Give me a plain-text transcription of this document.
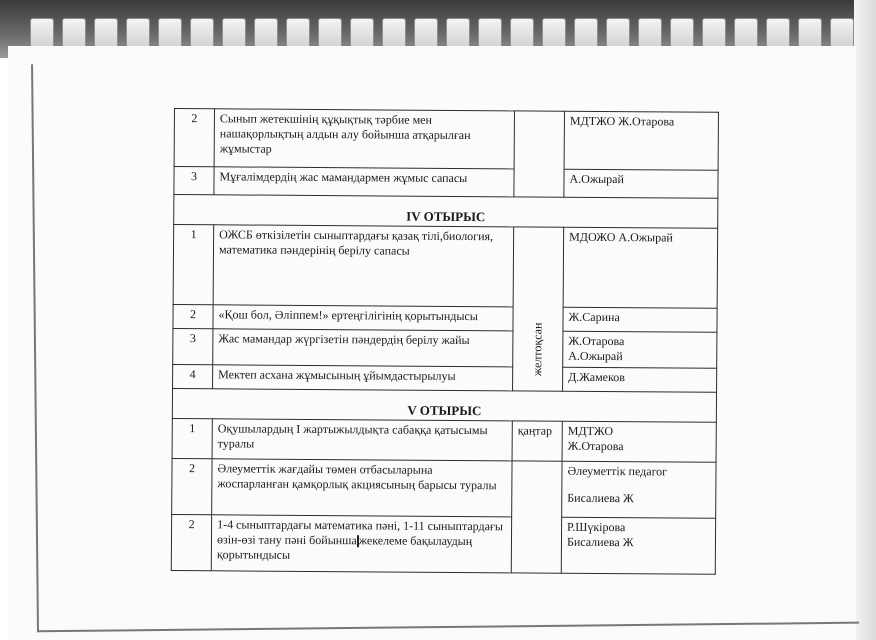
2	Сынып жетекшінің құқықтық тәрбие мен нашақорлықтың алдын алу бойынша атқарылған жұмыстар		МДТЖО Ж.Отарова

3	Мұғалімдердің жас мамандармен жұмыс сапасы		А.Ожырай

IV ОТЫРЫС			
1	ОЖСБ өткізілетін сыныптардағы қазақ тілі,биология, математика пәндерінің берілу сапасы	желтоқсан	МДОЖО А.Ожырай

2	«Қош бол, Әліппем!» ертеңгілігінің қорытындысы		Ж.Сарина

3	Жас мамандар жүргізетін пәндердің берілу жайы		Ж.Отарова
А.Ожырай

4	Мектеп асхана жұмысының ұйымдастырылуы		Д.Жамеков

V ОТЫРЫС			
1	Оқушылардың І жартыжылдықта сабаққа қатысымы туралы	қаңтар	МДТЖО
Ж.Отарова

2	Әлеуметтік жағдайы төмен отбасыларына жоспарланған қамқорлық акциясының барысы туралы		Әлеуметтік педагог
Бисалиева Ж

2	1-4 сыныптардағы математика пәні, 1-11 сыныптардағы өзін-өзі тану пәні бойынша жекелеме бақылаудың қорытындысы		Р.Шүкірова
Бисалиева Ж
